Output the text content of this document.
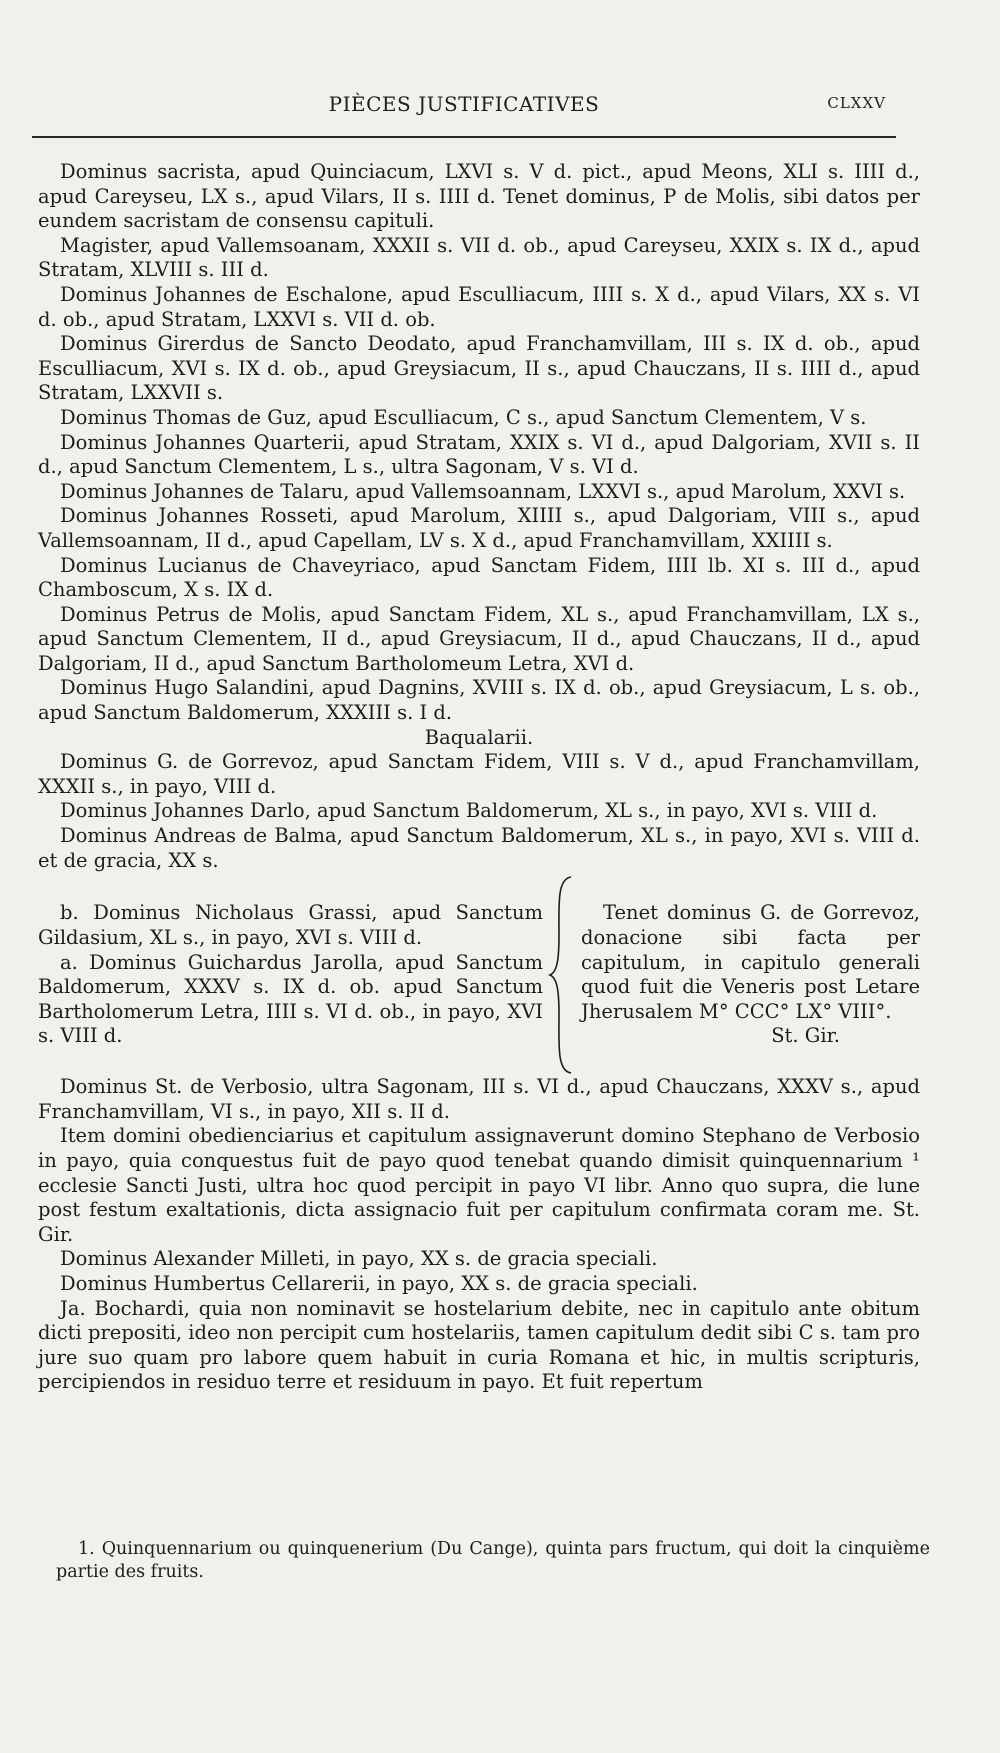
PIÈCES JUSTIFICATIVES	CLXXV

Dominus sacrista, apud Quinciacum, LXVI s. V d. pict., apud Meons, XLI s. IIII d., apud Careyseu, LX s., apud Vilars, II s. IIII d. Tenet dominus, P de Molis, sibi datos per eundem sacristam de consensu capituli.

Magister, apud Vallemsoanam, XXXII s. VII d. ob., apud Careyseu, XXIX s. IX d., apud Stratam, XLVIII s. III d.

Dominus Johannes de Eschalone, apud Esculliacum, IIII s. X d., apud Vilars, XX s. VI d. ob., apud Stratam, LXXVI s. VII d. ob.

Dominus Girerdus de Sancto Deodato, apud Franchamvillam, III s. IX d. ob., apud Esculliacum, XVI s. IX d. ob., apud Greysiacum, II s., apud Chauczans, II s. IIII d., apud Stratam, LXXVII s.

Dominus Thomas de Guz, apud Esculliacum, C s., apud Sanctum Clementem, V s.

Dominus Johannes Quarterii, apud Stratam, XXIX s. VI d., apud Dalgoriam, XVII s. II d., apud Sanctum Clementem, L s., ultra Sagonam, V s. VI d.

Dominus Johannes de Talaru, apud Vallemsoannam, LXXVI s., apud Marolum, XXVI s.

Dominus Johannes Rosseti, apud Marolum, XIIII s., apud Dalgoriam, VIII s., apud Vallemsoannam, II d., apud Capellam, LV s. X d., apud Franchamvillam, XXIIII s.

Dominus Lucianus de Chaveyriaco, apud Sanctam Fidem, IIII lb. XI s. III d., apud Chamboscum, X s. IX d.

Dominus Petrus de Molis, apud Sanctam Fidem, XL s., apud Franchamvillam, LX s., apud Sanctum Clementem, II d., apud Greysiacum, II d., apud Chauczans, II d., apud Dalgoriam, II d., apud Sanctum Bartholomeum Letra, XVI d.

Dominus Hugo Salandini, apud Dagnins, XVIII s. IX d. ob., apud Greysiacum, L s. ob., apud Sanctum Baldomerum, XXXIII s. I d.

Baqualarii.

Dominus G. de Gorrevoz, apud Sanctam Fidem, VIII s. V d., apud Franchamvillam, XXXII s., in payo, VIII d.

Dominus Johannes Darlo, apud Sanctum Baldomerum, XL s., in payo, XVI s. VIII d.

Dominus Andreas de Balma, apud Sanctum Baldomerum, XL s., in payo, XVI s. VIII d. et de gracia, XX s.

b. Dominus Nicholaus Grassi, apud Sanctum Gildasium, XL s., in payo, XVI s. VIII d.

a. Dominus Guichardus Jarolla, apud Sanctum Baldomerum, XXXV s. IX d. ob. apud Sanctum Bartholomerum Letra, IIII s. VI d. ob., in payo, XVI s. VIII d.

Tenet dominus G. de Gorrevoz, donacione sibi facta per capitulum, in capitulo generali quod fuit die Veneris post Letare Jherusalem M° CCC° LX° VIII°.

St. Gir.

Dominus St. de Verbosio, ultra Sagonam, III s. VI d., apud Chauczans, XXXV s., apud Franchamvillam, VI s., in payo, XII s. II d.

Item domini obedienciarius et capitulum assignaverunt domino Stephano de Verbosio in payo, quia conquestus fuit de payo quod tenebat quando dimisit quinquennarium ¹ ecclesie Sancti Justi, ultra hoc quod percipit in payo VI libr. Anno quo supra, die lune post festum exaltationis, dicta assignacio fuit per capitulum confirmata coram me. St. Gir.

Dominus Alexander Milleti, in payo, XX s. de gracia speciali.

Dominus Humbertus Cellarerii, in payo, XX s. de gracia speciali.

Ja. Bochardi, quia non nominavit se hostelarium debite, nec in capitulo ante obitum dicti prepositi, ideo non percipit cum hostelariis, tamen capitulum dedit sibi C s. tam pro jure suo quam pro labore quem habuit in curia Romana et hic, in multis scripturis, percipiendos in residuo terre et residuum in payo. Et fuit repertum

1. Quinquennarium ou quinquenerium (Du Cange), quinta pars fructum, qui doit la cinquième partie des fruits.
